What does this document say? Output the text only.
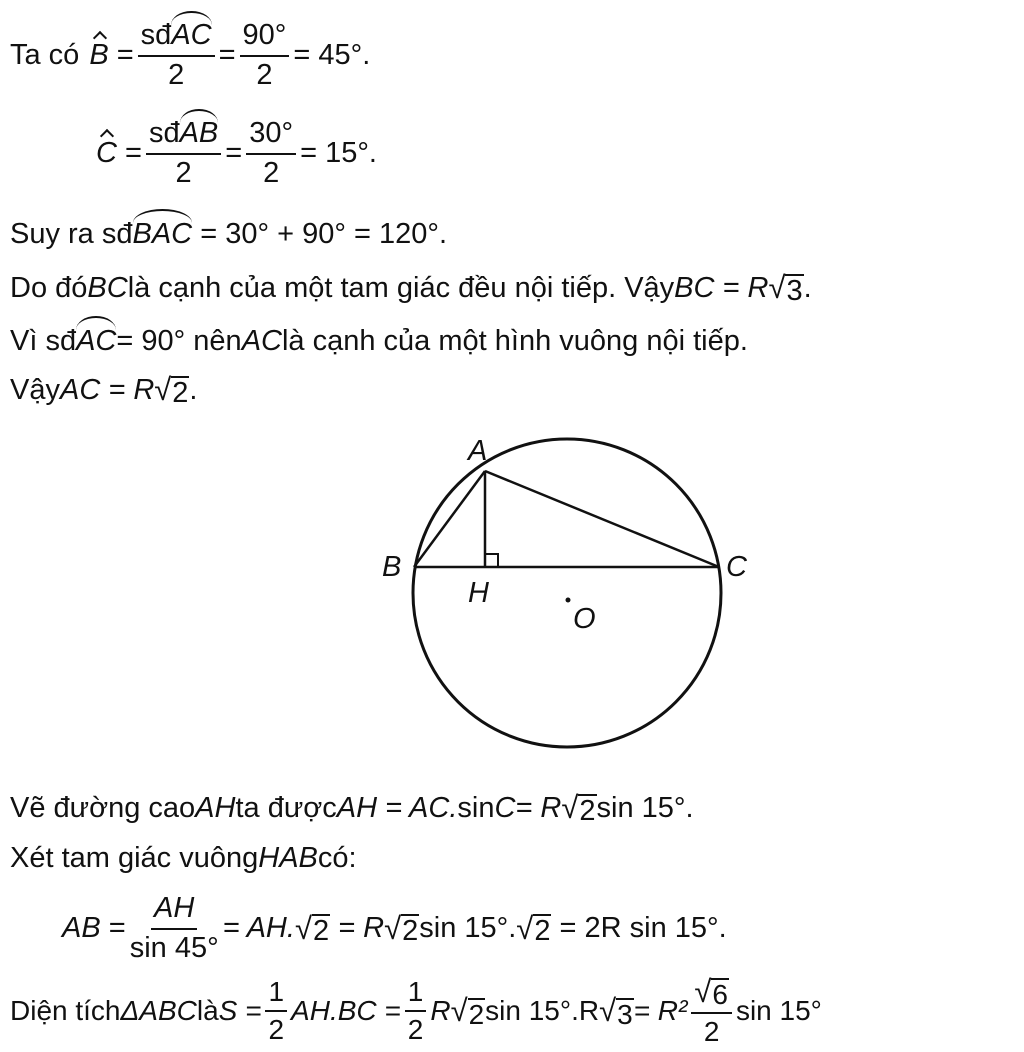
Ta có $B = \frac{\text{sđAC}}{2} = \frac{90^\circ}{2} = 45^\circ$.
$C = \frac{\text{sđAB}}{2} = \frac{30^\circ}{2} = 15^\circ$.
Suy ra sđ BAC
= 30° + 90° = 120°.
Do đó BC là cạnh của một tam giác đều nội tiếp. Vậy BC = R √ 3 .
Vì sđ AC = 90° nên AC là cạnh của một hình vuông nội tiếp.
Vậy AC = R √ 2 .
A
B	C
H
O
Vẽ đường cao AH ta được AH = AC. sin C = R √ 2 sin 15°.
Xét tam giác vuông HAB có:
AB = $\frac{AH}{\sin 45^\circ}$ = AH. √ 2
= R √ 2 sin 15°. √ 2
= 2R sin 15°.
Diện tích ΔABC là $S = \frac{1}{2} AH.BC = \frac{1}{2}$ R √ 2 sin 15°.R √ $3 = R^2 \frac{√ 6}{2}$ sin 15°
